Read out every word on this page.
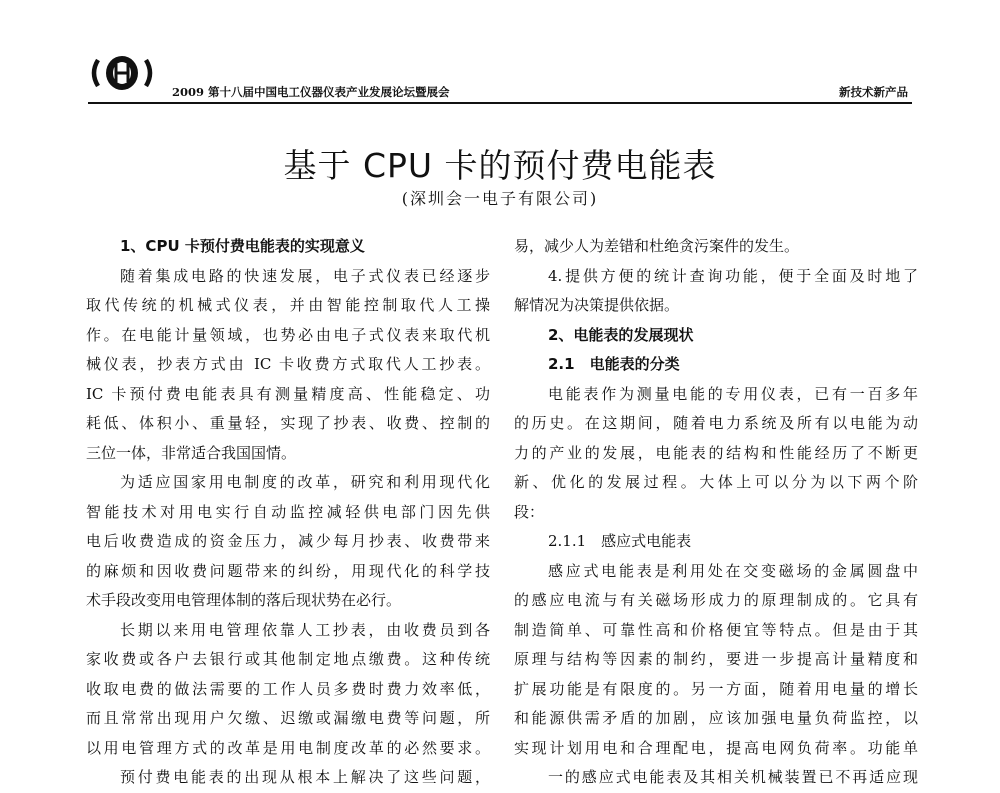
2009 第十八届中国电工仪器仪表产业发展论坛暨展会	新技术新产品
基于 CPU 卡的预付费电能表
(深圳会一电子有限公司)
1、CPU 卡预付费电能表的实现意义
随着集成电路的快速发展，电子式仪表已经逐步
取代传统的机械式仪表，并由智能控制取代人工操
作。在电能计量领域，也势必由电子式仪表来取代机
械仪表，抄表方式由 IC 卡收费方式取代人工抄表。
IC 卡预付费电能表具有测量精度高、性能稳定、功
耗低、体积小、重量轻，实现了抄表、收费、控制的
三位一体，非常适合我国国情。
为适应国家用电制度的改革，研究和利用现代化
智能技术对用电实行自动监控减轻供电部门因先供
电后收费造成的资金压力，减少每月抄表、收费带来
的麻烦和因收费问题带来的纠纷，用现代化的科学技
术手段改变用电管理体制的落后现状势在必行。
长期以来用电管理依靠人工抄表，由收费员到各
家收费或各户去银行或其他制定地点缴费。这种传统
收取电费的做法需要的工作人员多费时费力效率低，
而且常常出现用户欠缴、迟缴或漏缴电费等问题，所
以用电管理方式的改革是用电制度改革的必然要求。
预付费电能表的出现从根本上解决了这些问题，
易，减少人为差错和杜绝贪污案件的发生。
4.提供方便的统计查询功能，便于全面及时地了
解情况为决策提供依据。
2、电能表的发展现状
2.1　电能表的分类
电能表作为测量电能的专用仪表，已有一百多年
的历史。在这期间，随着电力系统及所有以电能为动
力的产业的发展，电能表的结构和性能经历了不断更
新、优化的发展过程。大体上可以分为以下两个阶
段：
2.1.1　感应式电能表
感应式电能表是利用处在交变磁场的金属圆盘中
的感应电流与有关磁场形成力的原理制成的。它具有
制造简单、可靠性高和价格便宜等特点。但是由于其
原理与结构等因素的制约，要进一步提高计量精度和
扩展功能是有限度的。另一方面，随着用电量的增长
和能源供需矛盾的加剧，应该加强电量负荷监控，以
实现计划用电和合理配电，提高电网负荷率。功能单
一的感应式电能表及其相关机械装置已不再适应现
